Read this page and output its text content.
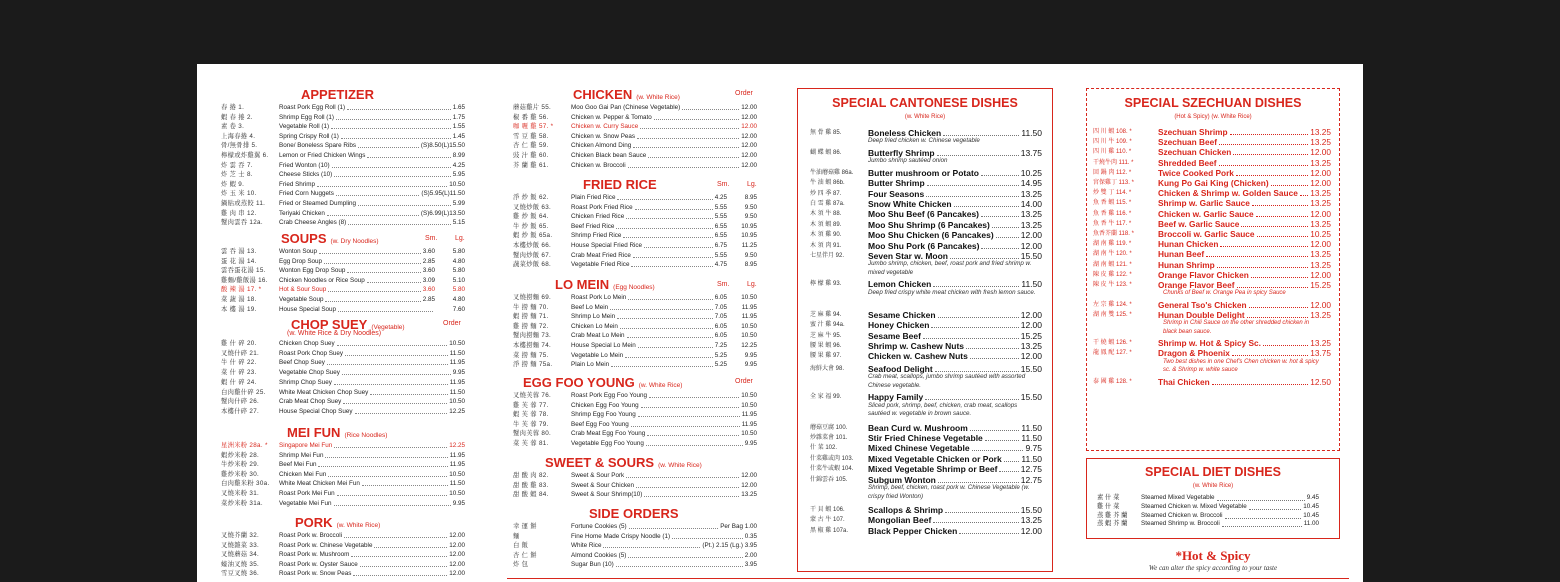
APPETIZER
春 捲 1.	Roast Pork Egg Roll (1)	1.65
蝦 春 捲 2.	Shrimp Egg Roll (1)	1.75
素 卷 3.	Vegetable Roll (1)	1.55
上海春捲 4.	Spring Crispy Roll (1)	1.45
骨/無骨排 5.	Bone/ Boneless Spare Ribs	(S)8.50(L)15.50
檸檬或炸雞翼 6. Lemon or Fried Chicken Wings	8.99
炸 雲 吞 7.	Fried Wonton (10)	4.25
炸 芝 士 8.	Cheese Sticks (10)	5.95
炸 蝦 9.	Fried Shrimp	10.50
炸 玉 米 10.	Fried Corn Nuggets	(S)5.95(L)11.50
鍋貼或蒸餃 11. Fried or Steamed Dumpling	5.99
雞 肉 串 12.	Teriyaki Chicken	(S)6.99(L)13.50
蟹肉雲吞 12a.	Crab Cheese Angles (8)	5.15
SOUPS (w. Dry Noodles)	Sm.	Lg.
雲 吞 湯 13.	Wonton Soup	3.60	5.80
蛋 花 湯 14.	Egg Drop Soup	2.85	4.80
雲吞蛋花湯 15. Wonton Egg Drop Soup	3.60	5.80
雞麵/雞飯湯 16. Chicken Noodles or Rice Soup	3.09	5.10
酸 辣 湯 17. *	Hot & Sour Soup	3.60	5.80
菜 蔬 湯 18.	Vegetable Soup	2.85	4.80
本 樓 湯 19.	House Special Soup	7.60
CHOP SUEY (Vegetable)
(w. White Rice & Dry Noodles)
Order
雞 什 碎 20.	Chicken Chop Suey	10.50
叉燒什碎 21.	Roast Pork Chop Suey	11.50
牛 什 碎 22.	Beef Chop Suey	11.95
菜 什 碎 23.	Vegetable Chop Suey	9.95
蝦 什 碎 24.	Shrimp Chop Suey	11.95
白肉雞什碎 25. White Meat Chicken Chop Suey	11.50
蟹肉什碎 26.	Crab Meat Chop Suey	10.50
本樓什碎 27.	House Special Chop Suey	12.25
MEI FUN (Rice Noodles)
星洲米粉 28a. * Singapore Mei Fun	12.25
蝦炒米粉 28.	Shrimp Mei Fun	11.95
牛炒米粉 29.	Beef Mei Fun	11.95
雞炒米粉 30.	Chicken Mei Fun	10.50
白肉雞米粉 30a. White Meat Chicken Mei Fun	11.50
叉燒米粉 31.	Roast Pork Mei Fun	10.50
菜炒米粉 31a.	Vegetable Mei Fun	9.95
PORK (w. White Rice)
叉燒芥蘭 32.	Roast Pork w. Broccoli	12.00
叉燒雜菜 33.	Roast Pork w. Chinese Vegetable	12.00
叉燒蘑菇 34.	Roast Pork w. Mushroom	12.00
蠔油叉燒 35.	Roast Pork w. Oyster Sauce	12.00
雪豆叉燒 36.	Roast Pork w. Snow Peas	12.00
CHICKEN (w. White Rice)
Order
蘑菇雞片 55.	Moo Goo Gai Pan (Chinese Vegetable)	12.00
椒 番 雞 56.	Chicken w. Pepper & Tomato	12.00
咖 喱 雞 57. *	Chicken w. Curry Sauce	12.00
雪 豆 雞 58.	Chicken w. Snow Peas	12.00
杏 仁 雞 59.	Chicken Almond Ding	12.00
豉 汁 雞 60.	Chicken Black bean Sauce	12.00
芥 蘭 雞 61.	Chicken w. Broccoli	12.00
FRIED RICE	Sm.	Lg.
淨 炒 飯 62.	Plain Fried Rice	4.25	8.95
叉燒炒飯 63.	Roast Pork Fried Rice	5.55	9.50
雞 炒 飯 64.	Chicken Fried Rice	5.55	9.50
牛 炒 飯 65.	Beef Fried Rice	6.55 10.95
蝦 炒 飯 65a.	Shrimp Fried Rice	6.55 10.95
本樓炒飯 66.	House Special Fried Rice	6.75 11.25
蟹肉炒飯 67.	Crab Meat Fried Rice	5.55	9.50
蔬菜炒飯 68.	Vegetable Fried Rice	4.75	8.95
LO MEIN (Egg Noodles)	Sm.	Lg.
叉燒撈麵 69.	Roast Pork Lo Mein	6.05 10.50
牛 撈 麵 70.	Beef Lo Mein	7.05 11.95
蝦 撈 麵 71.	Shrimp Lo Mein	7.05 11.95
雞 撈 麵 72.	Chicken Lo Mein	6.05 10.50
蟹肉撈麵 73.	Crab Meat Lo Mein	6.05 10.50
本樓撈麵 74.	House Special Lo Mein	7.25 12.25
菜 撈 麵 75.	Vegetable Lo Mein	5.25	9.95
淨 撈 麵 75a.	Plain Lo Mein	5.25	9.95
EGG FOO YOUNG (w. White Rice)
Order
叉燒芙蓉 76.	Roast Pork Egg Foo Young	10.50
雞 芙 蓉 77.	Chicken Egg Foo Young	10.50
蝦 芙 蓉 78.	Shrimp Egg Foo Young	11.95
牛 芙 蓉 79.	Beef Egg Foo Young	11.95
蟹肉芙蓉 80.	Crab Meat Egg Foo Young	10.50
菜 芙 蓉 81.	Vegetable Egg Foo Young	9.95
SWEET & SOURS (w. White Rice)
甜 酸 肉 82.	Sweet & Sour Pork	12.00
甜 酸 雞 83.	Sweet & Sour Chicken	12.00
甜 酸 蝦 84.	Sweet & Sour Shrimp(10)	13.25
SIDE ORDERS
幸 運 餅	Fortune Cookies (5)	Per Bag 1.00
麵	Fine Home Made Crispy Noodle (1)	0.35
白 飯	White Rice	(Pt.) 2.15 (Lg.) 3.95
杏 仁 餅	Almond Cookies (5)	2.00
炸 包	Sugar Bun (10)	3.95
SPECIAL CANTONESE DISHES
(w. White Rice)
無 骨 雞 85.	Boneless Chicken	11.50
Deep fried chicken w. Chinese vegetable
蝴 蝶 蝦 86.	Butterfly Shrimp	13.75
Jumbo shrimp sautéed onion
牛油蘑菇雞 86a. Butter mushroom or Potato	10.25
牛 油 蝦 86b.	Butter Shrimp	14.95
炒 四 季 87.	Four Seasons	13.25
白 雪 雞 87a.	Snow White Chicken	14.00
木 須 牛 88.	Moo Shu Beef (6 Pancakes)	13.25
木 須 蝦 89.	Moo Shu Shrimp (6 Pancakes)	13.25
木 須 雞 90.	Moo Shu Chicken (6 Pancakes)	12.00
木 須 肉 91.	Moo Shu Pork (6 Pancakes)	12.00
七星伴月 92.	Seven Star w. Moon	15.50
Jumbo shrimp, chicken, beef, roast pork and fried shrimp w. mixed vegetable
檸 檬 雞 93.	Lemon Chicken	11.50
Deep fried crispy white meat chicken with fresh lemon sauce.
芝 麻 雞 94.	Sesame Chicken	12.00
蜜 汁 雞 94a.	Honey Chicken	12.00
芝 麻 牛 95.	Sesame Beef	15.25
腰 果 蝦 96.	Shrimp w. Cashew Nuts	13.25
腰 果 雞 97.	Chicken w. Cashew Nuts	12.00
海鮮大會 98.	Seafood Delight	15.50
Crab meat, scallops, jumbo shrimp sautéed with assorted Chinese vegetable.
全 家 福 99.	Happy Family	15.50
Sliced pork, shrimp, beef, chicken, crab meat, scallops sautéed w. vegetable in brown sauce.
蘑菇豆腐 100. Bean Curd w. Mushroom	11.50
炒雜菜會 101. Stir Fried Chinese Vegetable	11.50
什 菜 102.	Mixed Chinese Vegetable	9.75
什菜雞或肉 103. Mixed Vegetable Chicken or Pork 11.50
什菜牛或蝦 104. Mixed Vegetable Shrimp or Beef	12.75
什錦雲吞 105. Subgum Wonton	12.75
Shrimp, beef, chicken, roast pork w. Chinese Vegetable (w. crispy fried Wonton)
干 貝 蝦 106.	Scallops & Shrimp	15.50
蒙 古 牛 107.	Mongolian Beef	13.25
黑 椒 雞 107a. Black Pepper Chicken	12.00
SPECIAL SZECHUAN DISHES
(Hot & Spicy) (w. White Rice)
四 川 蝦 108. *	Szechuan Shrimp	13.25
四 川 牛 109. *	Szechuan Beef	13.25
四 川 雞 110. *	Szechuan Chicken	12.00
干燒牛肉 111. *	Shredded Beef	13.25
回 鍋 肉 112. *	Twice Cooked Pork	12.00
宮保雞丁 113. *	Kung Po Gai King (Chicken)	12.00
炒 雙 丁 114. *	Chicken & Shrimp w. Golden Sauce 13.25
魚 香 蝦 115. *	Shrimp w. Garlic Sauce	13.25
魚 香 雞 116. *	Chicken w. Garlic Sauce	12.00
魚 香 牛 117. *	Beef w. Garlic Sauce	13.25
魚香芥蘭 118. *	Broccoli w. Garlic Sauce	10.25
湖 南 雞 119. *	Hunan Chicken	12.00
湖 南 牛 120. *	Hunan Beef	13.25
湖 南 蝦 121. *	Hunan Shrimp	13.25
陳 皮 雞 122. *	Orange Flavor Chicken	12.00
陳 皮 牛 123. *	Orange Flavor Beef	15.25
Chunks of Beef w. Orange Pea in spicy Sauce
左 宗 雞 124. *	General Tso's Chicken	12.00
湖 南 雙 125. *	Hunan Double Delight	13.25
Shrimp in Chili Sauce on the other shredded chicken in black bean sauce.
干 燒 蝦 126. *	Shrimp w. Hot & Spicy Sc.	13.25
龍 鳳 配 127. *	Dragon & Phoenix	13.75
Two best dishes in one Chef's Chen chicken w. hot & spicy sc. & Shrimp w. white sauce
泰 國 雞 128. *	Thai Chicken	12.50
SPECIAL DIET DISHES
(w. White Rice)
素 什 菜	Steamed Mixed Vegetable	9.45
雞 什 菜	Steamed Chicken w. Mixed Vegetable	10.45
蒸 雞 芥 蘭 Steamed Chicken w. Broccoli	10.45
蒸 蝦 芥 蘭 Steamed Shrimp w. Broccoli	11.00
*Hot & Spicy
We can alter the spicy according to your taste
